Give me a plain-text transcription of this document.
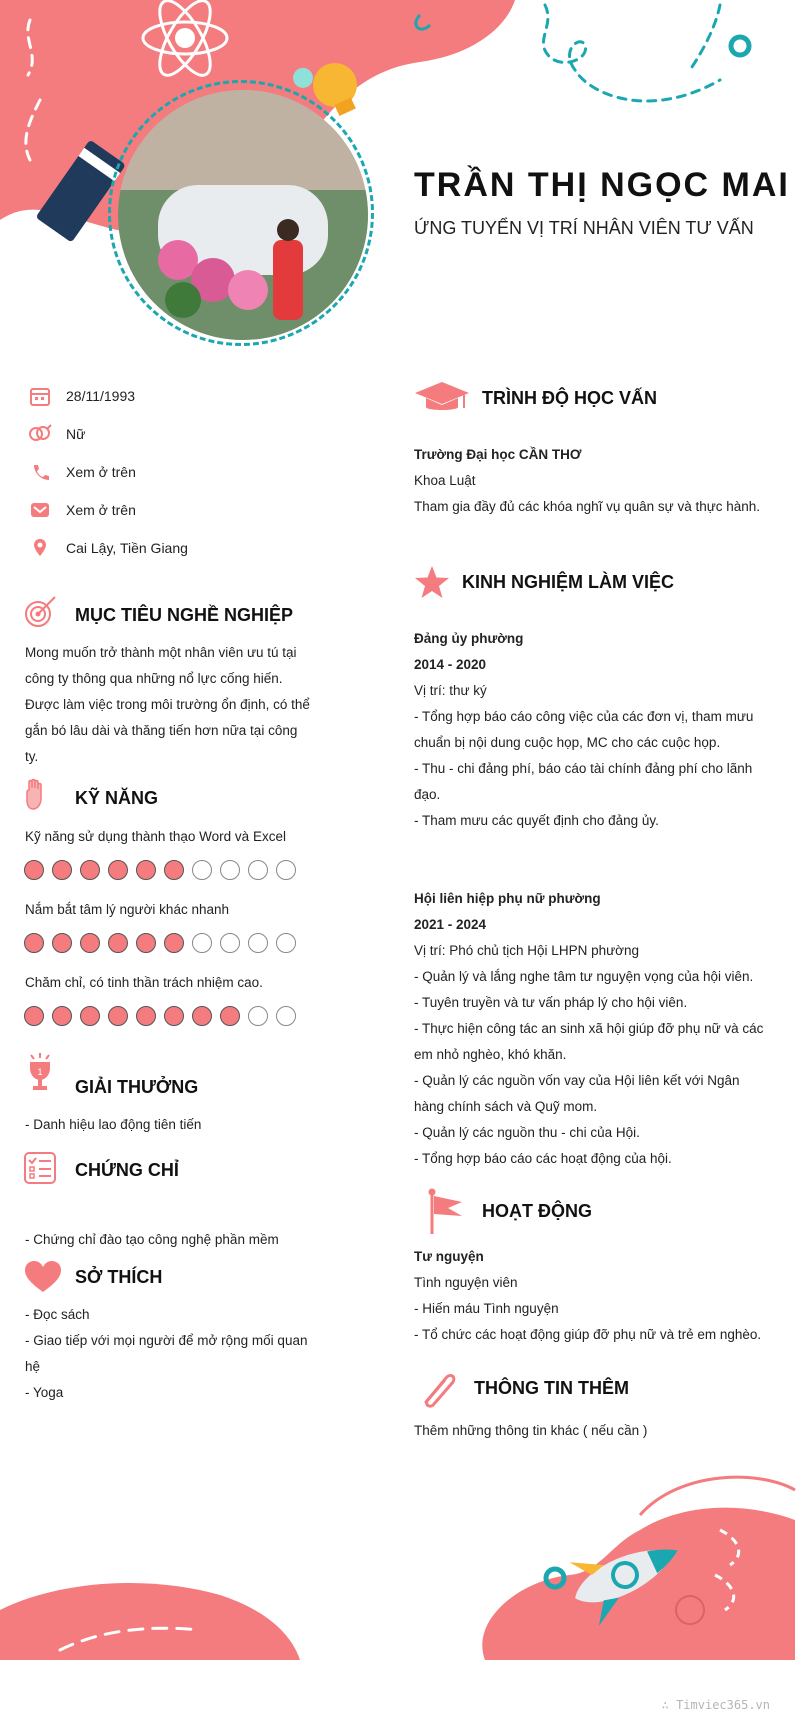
TRẦN THỊ NGỌC MAI
ỨNG TUYỂN VỊ TRÍ NHÂN VIÊN TƯ VẤN
28/11/1993
Nữ
Xem ở trên
Xem ở trên
Cai Lậy, Tiền Giang
MỤC TIÊU NGHỀ NGHIỆP
Mong muốn trở thành một nhân viên ưu tú tại
công ty thông qua những nổ lực cống hiến.
Được làm việc trong môi trường ổn định, có thể
gắn bó lâu dài và thăng tiến hơn nữa tại công
ty.
KỸ NĂNG
Kỹ năng sử dụng thành thạo Word và Excel
Nắm bắt tâm lý người khác nhanh
Chăm chỉ, có tinh thần trách nhiệm cao.
1
GIẢI THƯỞNG
- Danh hiệu lao động tiên tiến
CHỨNG CHỈ
- Chứng chỉ đào tạo công nghệ phần mềm
SỞ THÍCH
- Đọc sách
- Giao tiếp với mọi người để mở rộng mối quan
hệ
- Yoga
TRÌNH ĐỘ HỌC VẤN
Trường Đại học CẦN THƠ
Khoa Luật
Tham gia đầy đủ các khóa nghĩ vụ quân sự và thực hành.
KINH NGHIỆM LÀM VIỆC
Đảng ủy phường
2014 - 2020
Vị trí: thư ký
- Tổng hợp báo cáo công việc của các đơn vị, tham mưu
chuẩn bị nội dung cuộc họp, MC cho các cuộc họp.
- Thu - chi đảng phí, báo cáo tài chính đảng phí cho lãnh
đạo.
- Tham mưu các quyết định cho đảng ủy.
Hội liên hiệp phụ nữ phường
2021 - 2024
Vị trí: Phó chủ tịch Hội LHPN phường
- Quản lý và lắng nghe tâm tư nguyện vọng của hội viên.
- Tuyên truyền và tư vấn pháp lý cho hội viên.
- Thực hiện công tác an sinh xã hội giúp đỡ phụ nữ và các
em nhỏ nghèo, khó khăn.
- Quản lý các nguồn vốn vay của Hội liên kết với Ngân
hàng chính sách và Quỹ mom.
- Quản lý các nguồn thu - chi của Hội.
- Tổng hợp báo cáo các hoạt động của hội.
HOẠT ĐỘNG
Tư nguyện
Tình nguyện viên
- Hiến máu Tình nguyện
- Tổ chức các hoạt động giúp đỡ phụ nữ và trẻ em nghèo.
THÔNG TIN THÊM
Thêm những thông tin khác ( nếu cần )
∴ Timviec365.vn
